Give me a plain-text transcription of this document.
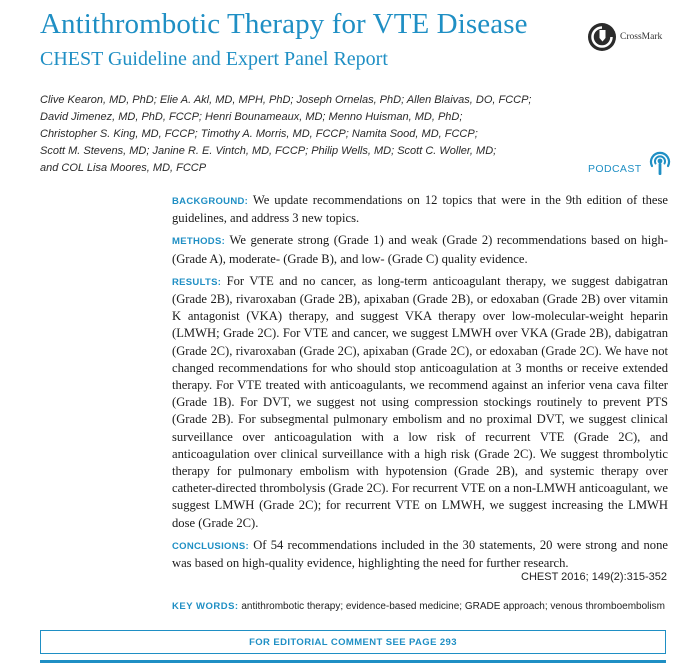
Antithrombotic Therapy for VTE Disease
CHEST Guideline and Expert Panel Report
CrossMark
Clive Kearon, MD, PhD; Elie A. Akl, MD, MPH, PhD; Joseph Ornelas, PhD; Allen Blaivas, DO, FCCP;
David Jimenez, MD, PhD, FCCP; Henri Bounameaux, MD; Menno Huisman, MD, PhD;
Christopher S. King, MD, FCCP; Timothy A. Morris, MD, FCCP; Namita Sood, MD, FCCP;
Scott M. Stevens, MD; Janine R. E. Vintch, MD, FCCP; Philip Wells, MD; Scott C. Woller, MD;
and COL Lisa Moores, MD, FCCP	PODCAST

BACKGROUND: We update recommendations on 12 topics that were in the 9th edition of these guidelines, and address 3 new topics.

METHODS: We generate strong (Grade 1) and weak (Grade 2) recommendations based on high- (Grade A), moderate- (Grade B), and low- (Grade C) quality evidence.

RESULTS: For VTE and no cancer, as long-term anticoagulant therapy, we suggest dabigatran (Grade 2B), rivaroxaban (Grade 2B), apixaban (Grade 2B), or edoxaban (Grade 2B) over vitamin K antagonist (VKA) therapy, and suggest VKA therapy over low-molecular-weight heparin (LMWH; Grade 2C). For VTE and cancer, we suggest LMWH over VKA (Grade 2B), dabigatran (Grade 2C), rivaroxaban (Grade 2C), apixaban (Grade 2C), or edoxaban (Grade 2C). We have not changed recommendations for who should stop anticoagulation at 3 months or receive extended therapy. For VTE treated with anticoagulants, we recommend against an inferior vena cava filter (Grade 1B). For DVT, we suggest not using compression stockings routinely to prevent PTS (Grade 2B). For subsegmental pulmonary embolism and no proximal DVT, we suggest clinical surveillance over anticoagulation with a low risk of recurrent VTE (Grade 2C), and anticoagulation over clinical surveillance with a high risk (Grade 2C). We suggest thrombolytic therapy for pulmonary embolism with hypotension (Grade 2B), and systemic therapy over catheter-directed thrombolysis (Grade 2C). For recurrent VTE on a non-LMWH anticoagulant, we suggest LMWH (Grade 2C); for recurrent VTE on LMWH, we suggest increasing the LMWH dose (Grade 2C).

CONCLUSIONS: Of 54 recommendations included in the 30 statements, 20 were strong and none was based on high-quality evidence, highlighting the need for further research.

CHEST 2016; 149(2):315-352
KEY WORDS: antithrombotic therapy; evidence-based medicine; GRADE approach; venous thromboembolism
FOR EDITORIAL COMMENT SEE PAGE 293
